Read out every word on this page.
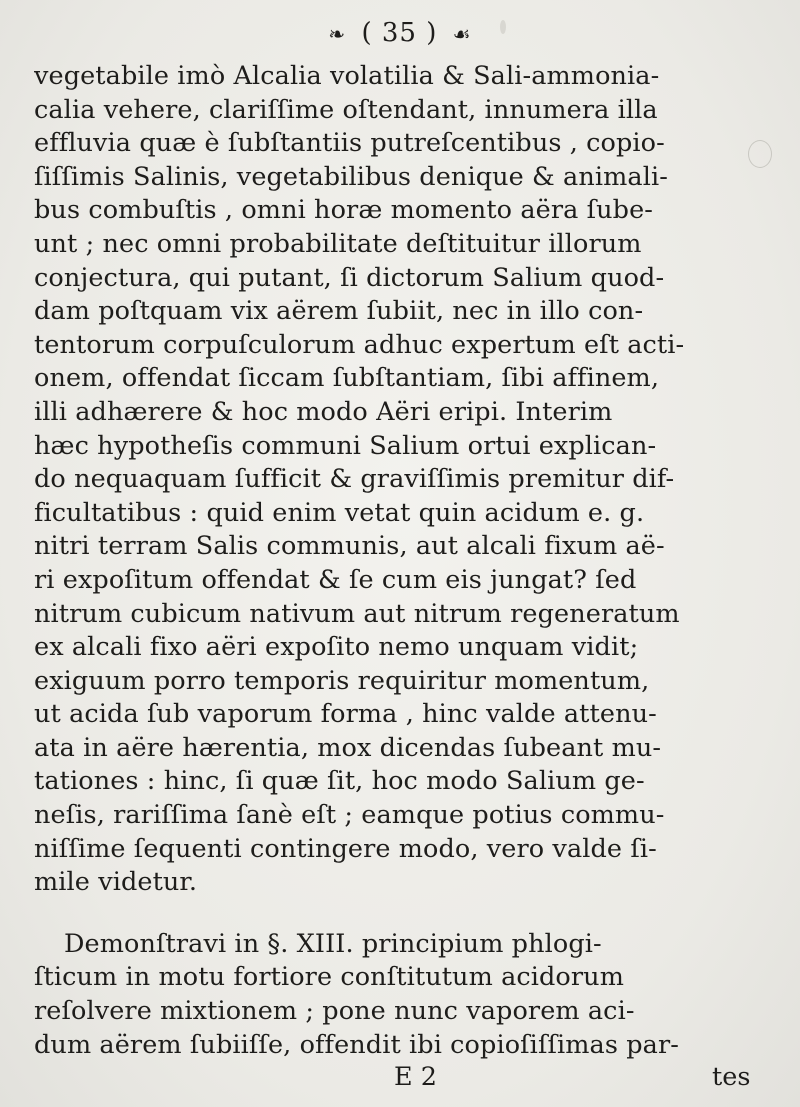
❧ ( 35 ) ☙
vegetabile imò Alcalia volatilia & Sali-ammonia-
calia vehere, clariſſime oſtendant, innumera illa
effluvia quæ è ſubſtantiis putreſcentibus , copio-
ſiſſimis Salinis, vegetabilibus denique & animali-
bus combuſtis , omni horæ momento aëra ſube-
unt ; nec omni probabilitate deſtituitur illorum
conjectura, qui putant, ſi dictorum Salium quod-
dam poſtquam vix aërem ſubiit, nec in illo con-
tentorum corpuſculorum adhuc expertum eſt acti-
onem, offendat ſiccam ſubſtantiam, ſibi affinem,
illi adhærere & hoc modo Aëri eripi. Interim
hæc hypotheſis communi Salium ortui explican-
do nequaquam ſufficit & graviſſimis premitur dif-
ficultatibus : quid enim vetat quin acidum e. g.
nitri terram Salis communis, aut alcali fixum aë-
ri expoſitum offendat & ſe cum eis jungat? ſed
nitrum cubicum nativum aut nitrum regeneratum
ex alcali fixo aëri expoſito nemo unquam vidit;
exiguum porro temporis requiritur momentum,
ut acida ſub vaporum forma , hinc valde attenu-
ata in aëre hærentia, mox dicendas ſubeant mu-
tationes : hinc, ſi quæ ſit, hoc modo Salium ge-
neſis, rariſſima ſanè eſt ; eamque potius commu-
niſſime ſequenti contingere modo, vero valde ſi-
mile videtur.
Demonſtravi in §. XIII. principium phlogi-
ſticum in motu fortiore conſtitutum acidorum
reſolvere mixtionem ; pone nunc vaporem aci-
dum aërem ſubiiſſe, offendit ibi copioſiſſimas par-
E 2	tes
